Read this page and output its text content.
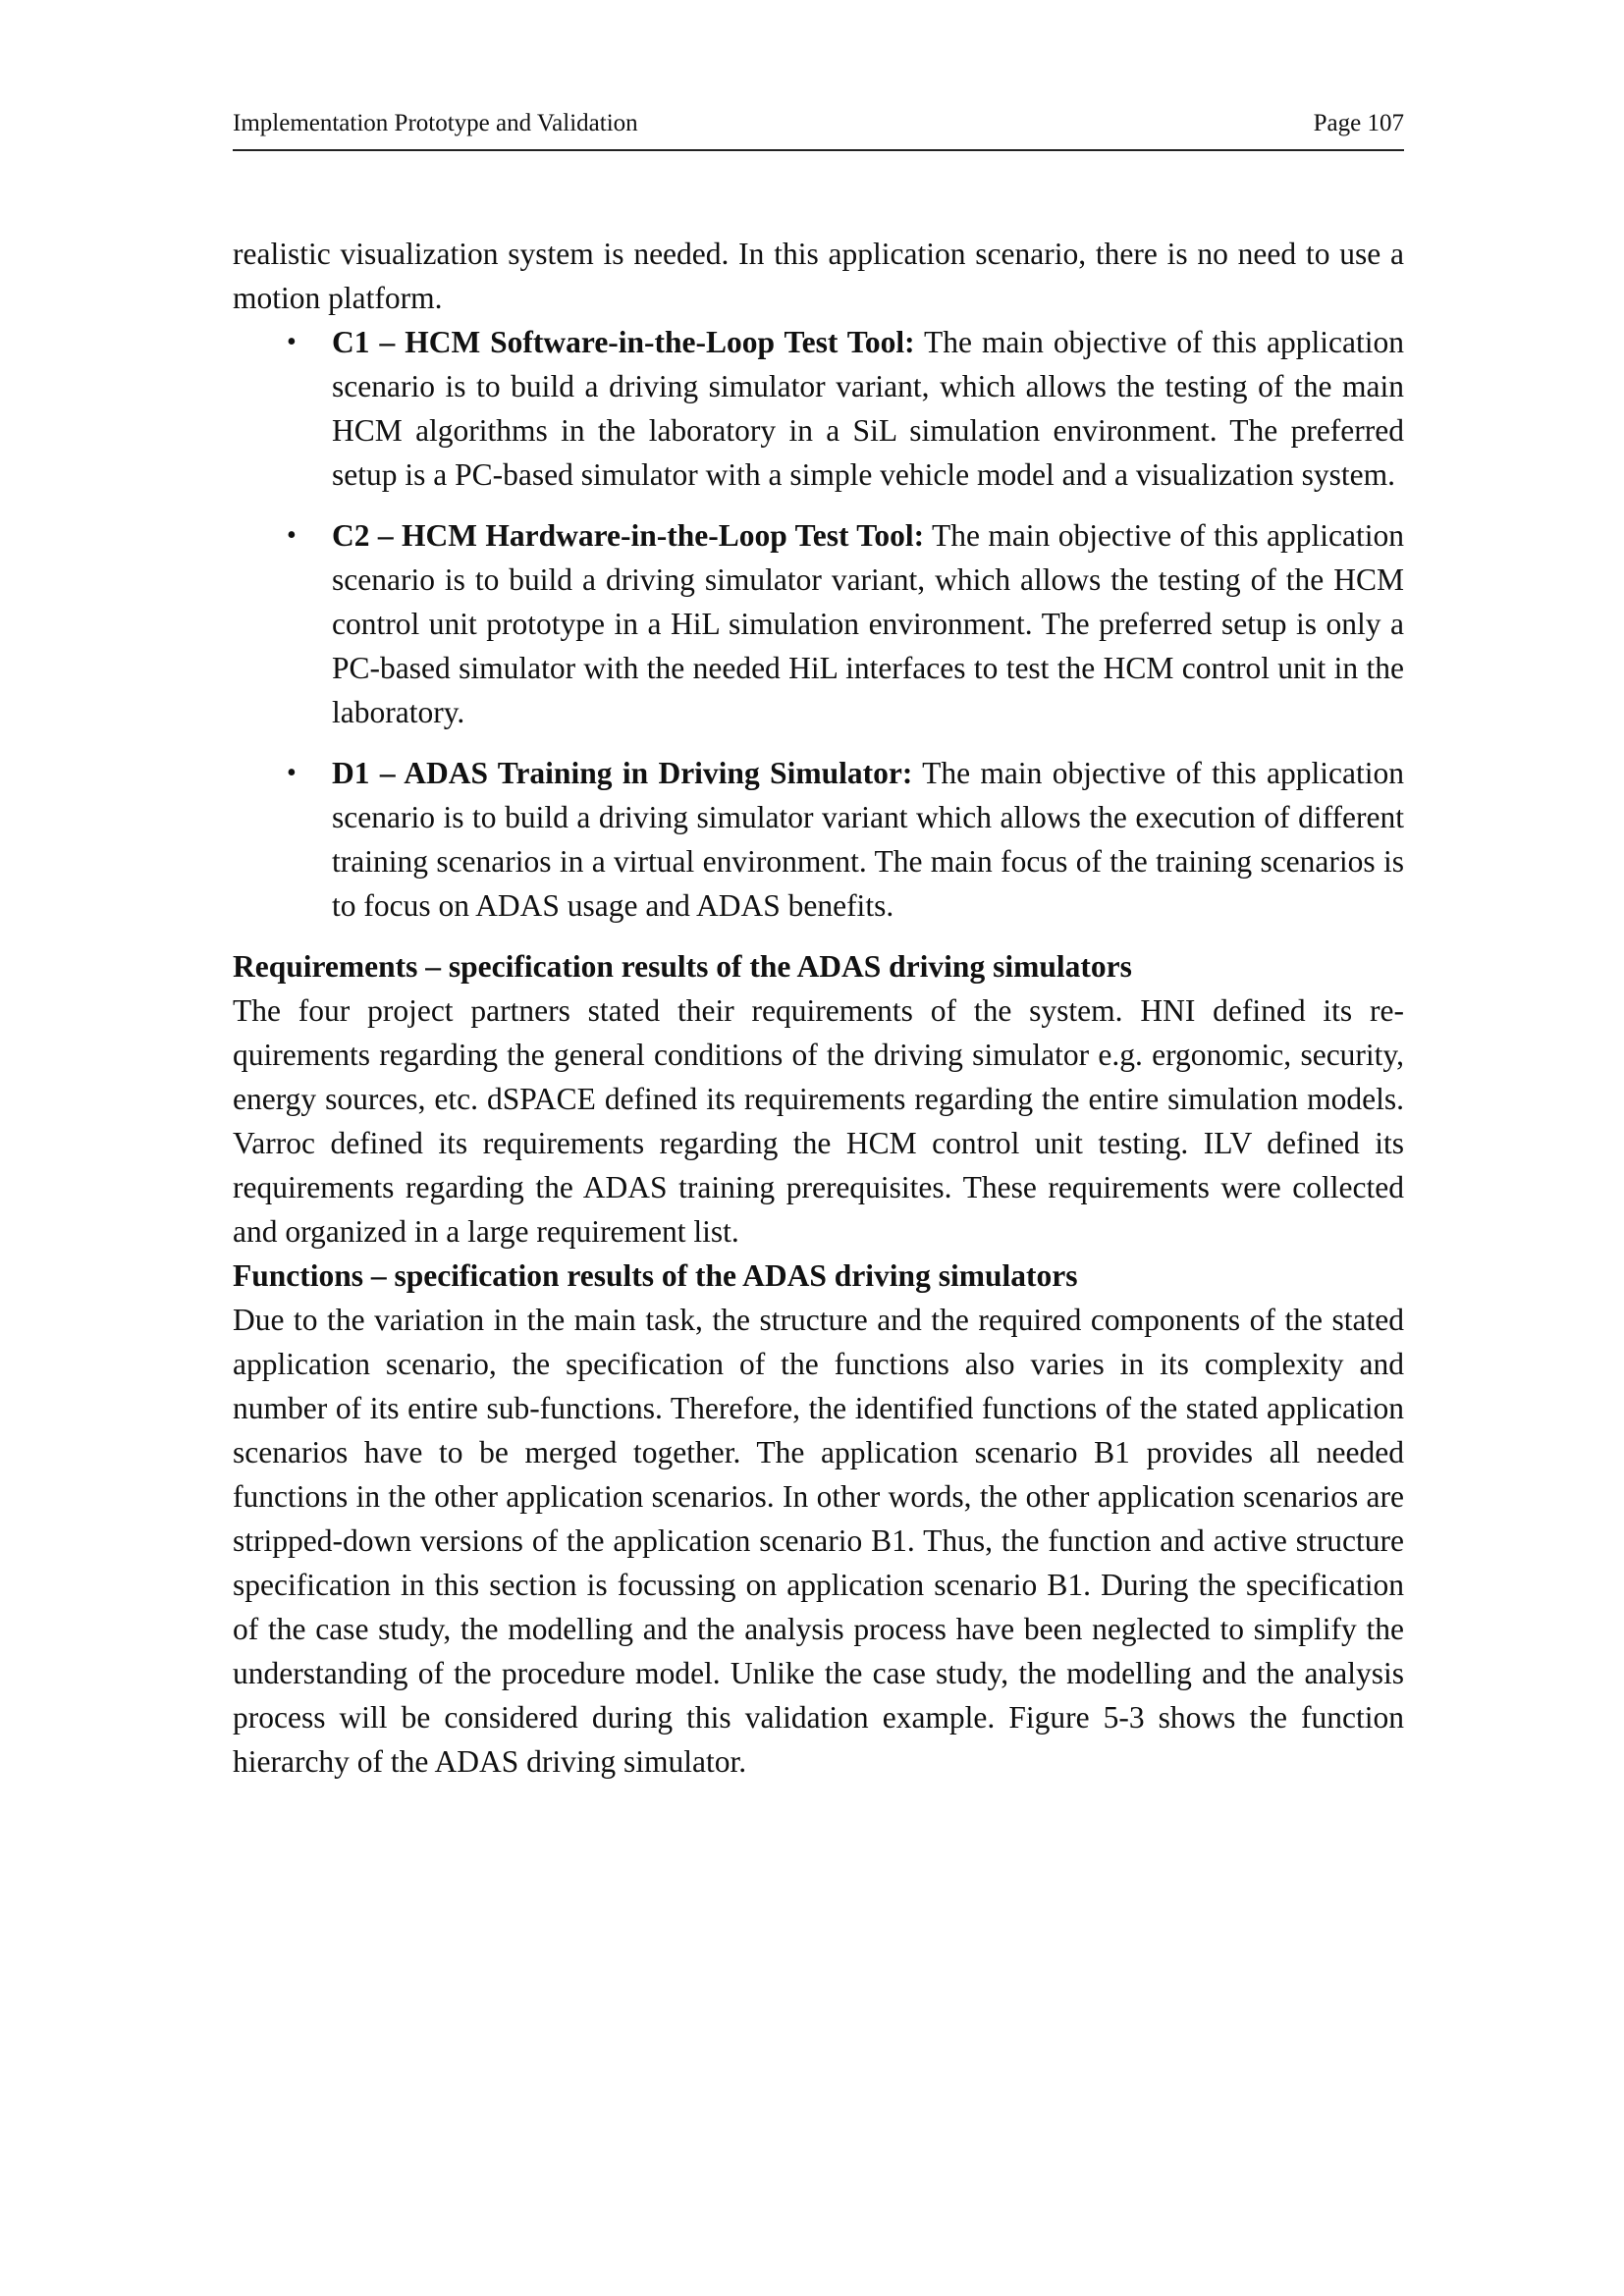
Implementation Prototype and Validation	Page 107

realistic visualization system is needed. In this application scenario, there is no need to use a motion platform.

• C1 – HCM Software-in-the-Loop Test Tool: The main objective of this application scenario is to build a driving simulator variant, which allows the testing of the main HCM algorithms in the laboratory in a SiL simulation environment. The preferred setup is a PC-based simulator with a simple vehicle model and a visualization system.

• C2 – HCM Hardware-in-the-Loop Test Tool: The main objective of this application scenario is to build a driving simulator variant, which allows the testing of the HCM control unit prototype in a HiL simulation environment. The preferred setup is only a PC-based simulator with the needed HiL interfaces to test the HCM control unit in the laboratory.

• D1 – ADAS Training in Driving Simulator: The main objective of this application scenario is to build a driving simulator variant which allows the execution of different training scenarios in a virtual environment. The main focus of the training scenarios is to focus on ADAS usage and ADAS benefits.

Requirements – specification results of the ADAS driving simulators

The four project partners stated their requirements of the system. HNI defined its requirements regarding the general conditions of the driving simulator e.g. ergonomic, security, energy sources, etc. dSPACE defined its requirements regarding the entire simulation models. Varroc defined its requirements regarding the HCM control unit testing. ILV defined its requirements regarding the ADAS training prerequisites. These requirements were collected and organized in a large requirement list.

Functions – specification results of the ADAS driving simulators

Due to the variation in the main task, the structure and the required components of the stated application scenario, the specification of the functions also varies in its complexity and number of its entire sub-functions. Therefore, the identified functions of the stated application scenarios have to be merged together. The application scenario B1 provides all needed functions in the other application scenarios. In other words, the other application scenarios are stripped-down versions of the application scenario B1. Thus, the function and active structure specification in this section is focussing on application scenario B1. During the specification of the case study, the modelling and the analysis process have been neglected to simplify the understanding of the procedure model. Unlike the case study, the modelling and the analysis process will be considered during this validation example. Figure 5-3 shows the function hierarchy of the ADAS driving simulator.
